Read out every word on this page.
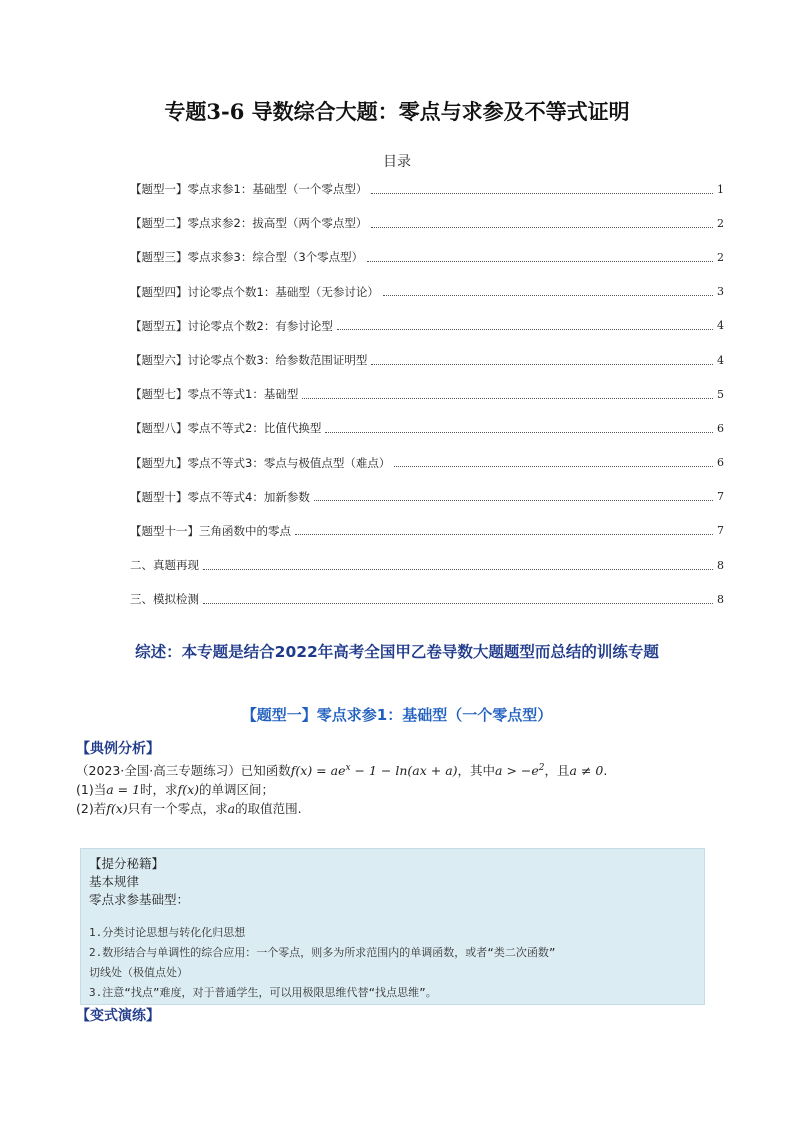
专题3-6 导数综合大题：零点与求参及不等式证明
目录
【题型一】零点求参1：基础型（一个零点型）	1
【题型二】零点求参2：拔高型（两个零点型）	2
【题型三】零点求参3：综合型（3个零点型）	2
【题型四】讨论零点个数1：基础型（无参讨论）	3
【题型五】讨论零点个数2：有参讨论型	4
【题型六】讨论零点个数3：给参数范围证明型	4
【题型七】零点不等式1：基础型	5
【题型八】零点不等式2：比值代换型	6
【题型九】零点不等式3：零点与极值点型（难点）	6
【题型十】零点不等式4：加新参数	7
【题型十一】三角函数中的零点	7
二、真题再现	8
三、模拟检测	8
综述：本专题是结合2022年高考全国甲乙卷导数大题题型而总结的训练专题
【题型一】零点求参1：基础型（一个零点型）
【典例分析】
（2023·全国·高三专题练习）已知函数$f(x) = ae^x - 1 - \ln(ax + a)$，其中$a > -e^2$，且a ≠ 0.
(1)当a = 1时，求f(x)的单调区间；
(2)若f(x)只有一个零点，求a的取值范围.
【提分秘籍】
基本规律
零点求参基础型：
1.分类讨论思想与转化化归思想
2.数形结合与单调性的综合应用：一个零点，则多为所求范围内的单调函数，或者“类二次函数”
切线处（极值点处）
3.注意“找点”难度，对于普通学生，可以用极限思维代替“找点思维”。
【变式演练】
